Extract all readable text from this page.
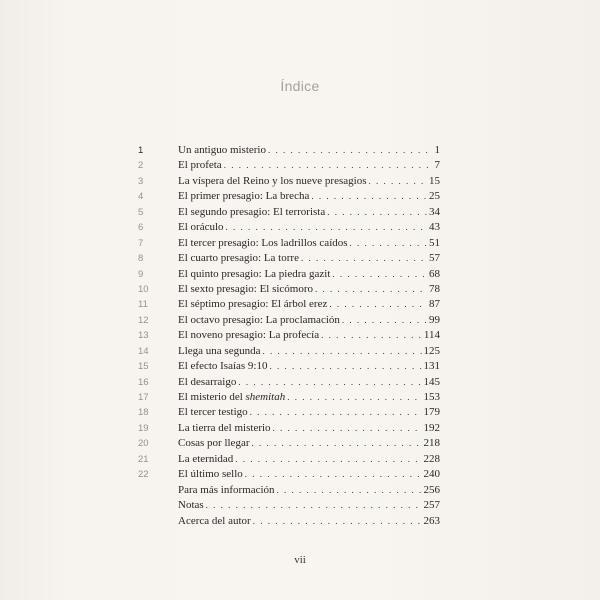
Índice
1	Un antiguo misterio . . .	1
2	El profeta . . .	7
3	La víspera del Reino y los nueve presagios . . .	15
4	El primer presagio: La brecha . . .	25
5	El segundo presagio: El terrorista . . .	34
6	El oráculo . . .	43
7	El tercer presagio: Los ladrillos caídos . . .	51
8	El cuarto presagio: La torre . . .	57
9	El quinto presagio: La piedra gazit . . .	68
10	El sexto presagio: El sicómoro . . .	78
11	El séptimo presagio: El árbol erez . . .	87
12	El octavo presagio: La proclamación . . .	99
13	El noveno presagio: La profecía . . .	114
14	Llega una segunda . . .	125
15	El efecto Isaías 9:10 . . .	131
16	El desarraigo . . .	145
17	El misterio del shemitah . . .	153
18	El tercer testigo . . .	179
19	La tierra del misterio . . .	192
20	Cosas por llegar . . .	218
21	La eternidad . . .	228
22	El último sello . . .	240
Para más información . . .	256
Notas . . .	257
Acerca del autor . . .	263
vii
